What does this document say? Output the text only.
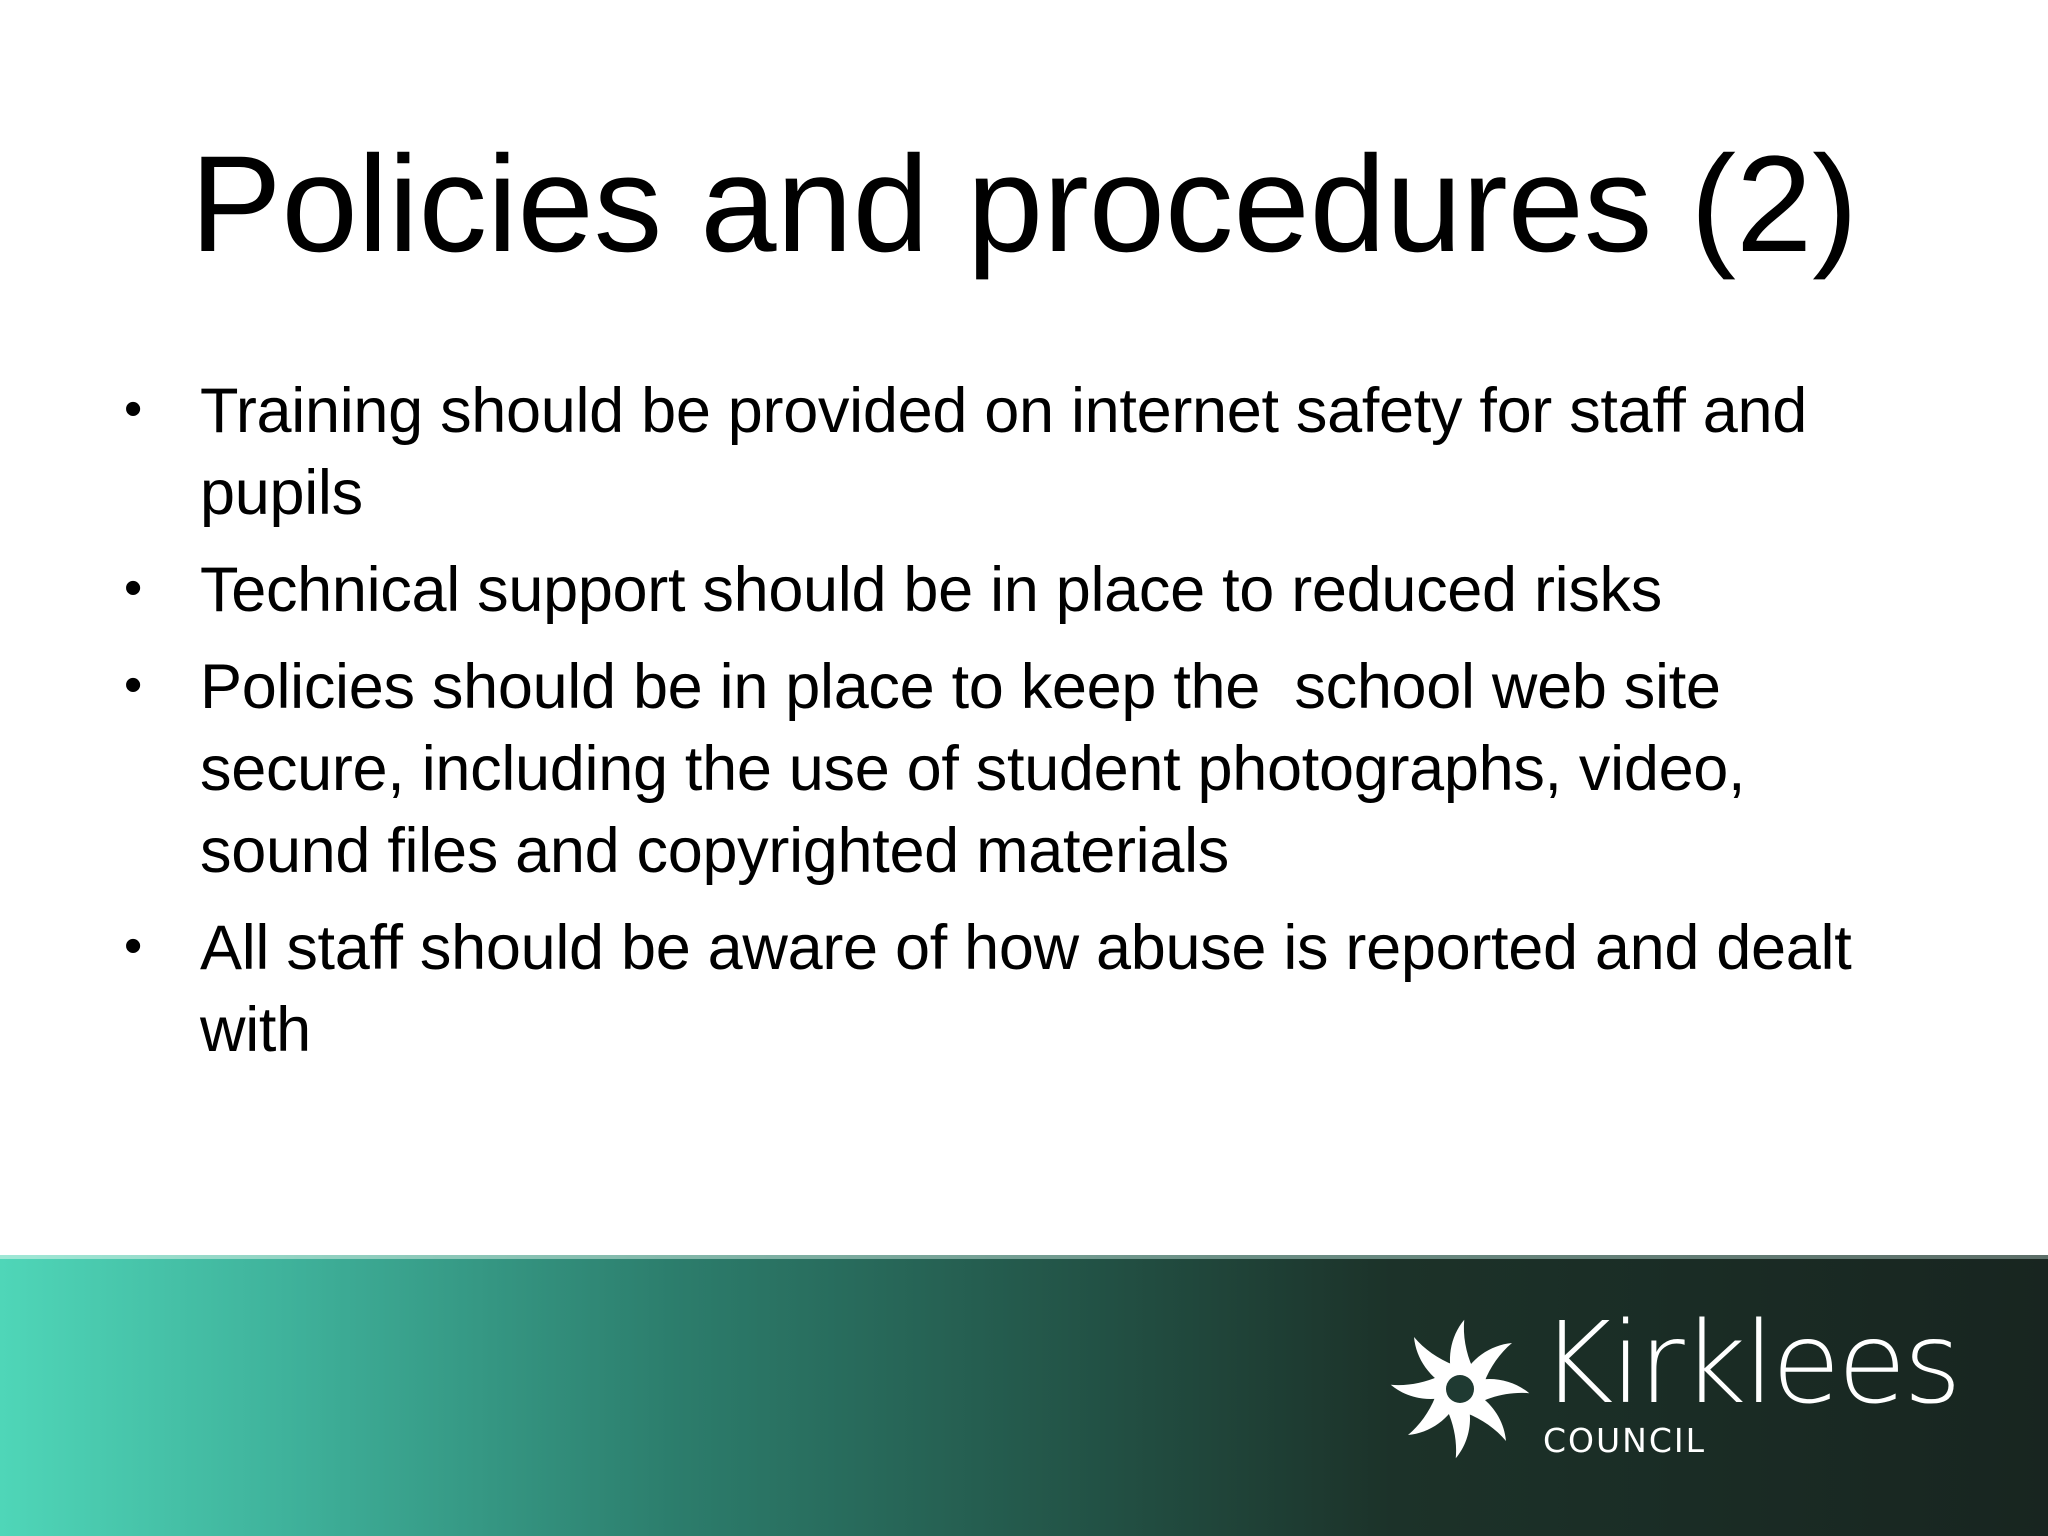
Policies and procedures (2)
• Training should be provided on internet safety for staff and pupils
• Technical support should be in place to reduced risks
• Policies should be in place to keep the  school web site secure, including the use of student photographs, video, sound files and copyrighted materials
• All staff should be aware of how abuse is reported and dealt with
Kirklees
COUNCIL
